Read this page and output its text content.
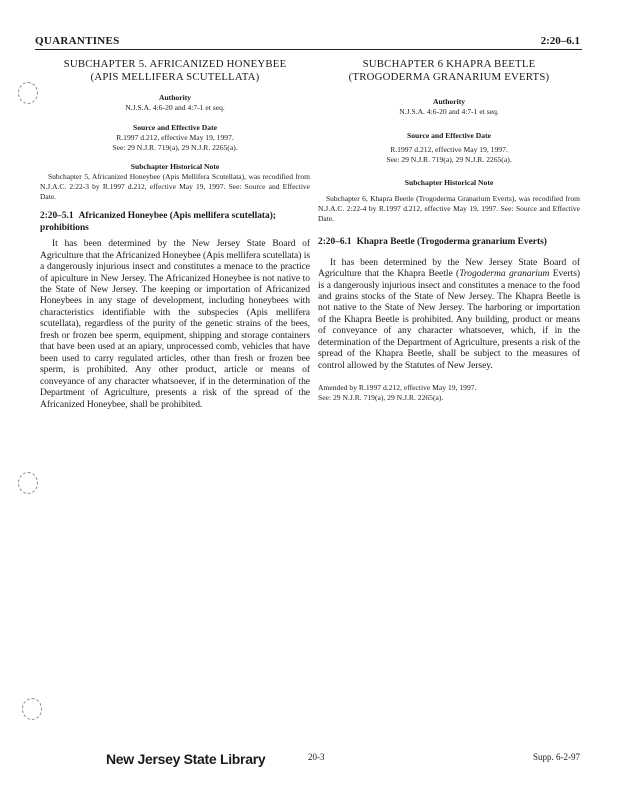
QUARANTINES	2:20–6.1
SUBCHAPTER 5. AFRICANIZED HONEYBEE
(APIS MELLIFERA SCUTELLATA)
Authority
N.J.S.A. 4:6-20 and 4:7-1 et seq.
Source and Effective Date
R.1997 d.212, effective May 19, 1997.
See: 29 N.J.R. 719(a), 29 N.J.R. 2265(a).
Subchapter Historical Note

Subchapter 5, Africanized Honeybee (Apis Mellifera Scutellata), was recodified from N.J.A.C. 2:22-3 by R.1997 d.212, effective May 19, 1997. See: Source and Effective Date.

2:20–5.1 Africanized Honeybee (Apis mellifera scutellata); prohibitions

It has been determined by the New Jersey State Board of Agriculture that the Africanized Honeybee (Apis mellifera scutellata) is a dangerously injurious insect and constitutes a menace to the practice of apiculture in New Jersey. The Africanized Honeybee is not native to the State of New Jersey. The keeping or importation of Africanized Honeybees in any stage of development, including honeybees with characteristics identifiable with the subspecies (Apis mellifera scutellata), regardless of the purity of the genetic strains of the bees, fresh or frozen bee sperm, equipment, shipping and storage containers that have been used at an apiary, unprocessed comb, vehicles that have been used to carry regulated articles, other than fresh or frozen bee sperm, is prohibited. Any other product, article or means of conveyance of any character whatsoever, if in the determination of the Department of Agriculture, presents a risk of the spread of the Africanized Honeybee, shall be prohibited.

SUBCHAPTER 6 KHAPRA BEETLE
(TROGODERMA GRANARIUM EVERTS)
Authority
N.J.S.A. 4:6-20 and 4:7-1 et seq.
Source and Effective Date
R.1997 d.212, effective May 19, 1997.
See: 29 N.J.R. 719(a), 29 N.J.R. 2265(a).
Subchapter Historical Note

Subchapter 6, Khapra Beetle (Trogoderma Granarium Everts), was recodified from N.J.A.C. 2:22-4 by R.1997 d.212, effective May 19, 1997. See: Source and Effective Date.

2:20–6.1 Khapra Beetle (Trogoderma granarium Everts)

It has been determined by the New Jersey State Board of Agriculture that the Khapra Beetle (Trogoderma granarium Everts) is a dangerously injurious insect and constitutes a menace to the food and grains stocks of the State of New Jersey. The Khapra Beetle is not native to the State of New Jersey. The harboring or importation of the Khapra Beetle is prohibited. Any building, product or means of conveyance of any character whatsoever, which, if in the determination of the Department of Agriculture, presents a risk of the spread of the Khapra Beetle, shall be subject to the measures of control allowed by the Statutes of New Jersey.

Amended by R.1997 d.212, effective May 19, 1997.
See: 29 N.J.R. 719(a), 29 N.J.R. 2265(a).
New Jersey State Library	20-3	Supp. 6-2-97
